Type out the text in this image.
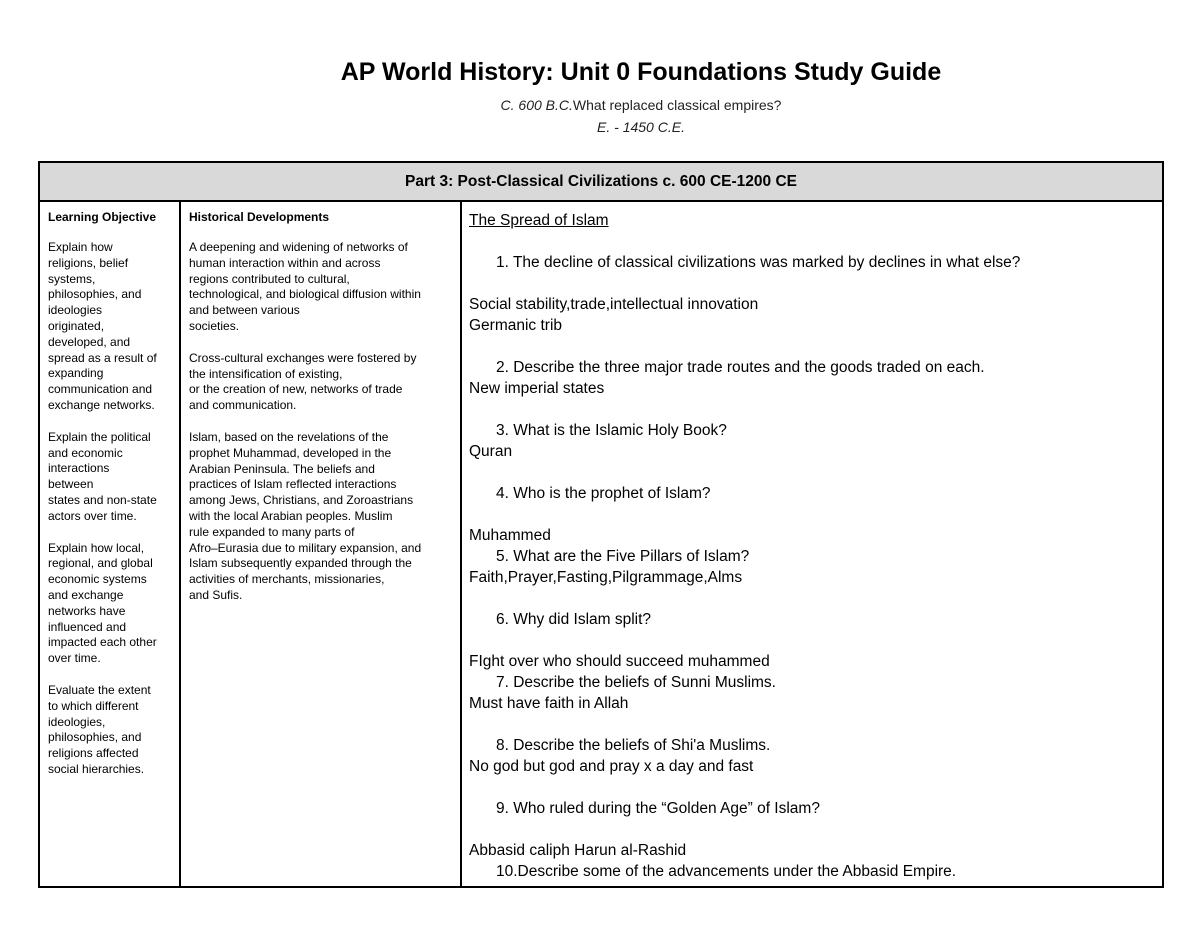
AP World History: Unit 0 Foundations Study Guide
C. 600 B.C.What replaced classical empires?
E. - 1450 C.E.
Part 3: Post-Classical Civilizations c. 600 CE-1200 CE
Learning Objective
Explain how
religions, belief
systems,
philosophies, and
ideologies
originated,
developed, and
spread as a result of
expanding
communication and
exchange networks.
Explain the political
and economic
interactions
between
states and non-state
actors over time.
Explain how local,
regional, and global
economic systems
and exchange
networks have
influenced and
impacted each other
over time.
Evaluate the extent
to which different
ideologies,
philosophies, and
religions affected
social hierarchies.
Historical Developments
A deepening and widening of networks of
human interaction within and across
regions contributed to cultural,
technological, and biological diffusion within
and between various
societies.
Cross-cultural exchanges were fostered by
the intensification of existing,
or the creation of new, networks of trade
and communication.
Islam, based on the revelations of the
prophet Muhammad, developed in the
Arabian Peninsula. The beliefs and
practices of Islam reflected interactions
among Jews, Christians, and Zoroastrians
with the local Arabian peoples. Muslim
rule expanded to many parts of
Afro–Eurasia due to military expansion, and
Islam subsequently expanded through the
activities of merchants, missionaries,
and Sufis.
The Spread of Islam
1. The decline of classical civilizations was marked by declines in what else?
Social stability,trade,intellectual innovation
Germanic trib
2. Describe the three major trade routes and the goods traded on each.
New imperial states
3. What is the Islamic Holy Book?
Quran
4. Who is the prophet of Islam?
Muhammed
5. What are the Five Pillars of Islam?
Faith,Prayer,Fasting,Pilgrammage,Alms
6. Why did Islam split?
FIght over who should succeed muhammed
7. Describe the beliefs of Sunni Muslims.
Must have faith in Allah
8. Describe the beliefs of Shi'a Muslims.
No god but god and pray x a day and fast
9. Who ruled during the “Golden Age” of Islam?
Abbasid caliph Harun al-Rashid
10.Describe some of the advancements under the Abbasid Empire.
